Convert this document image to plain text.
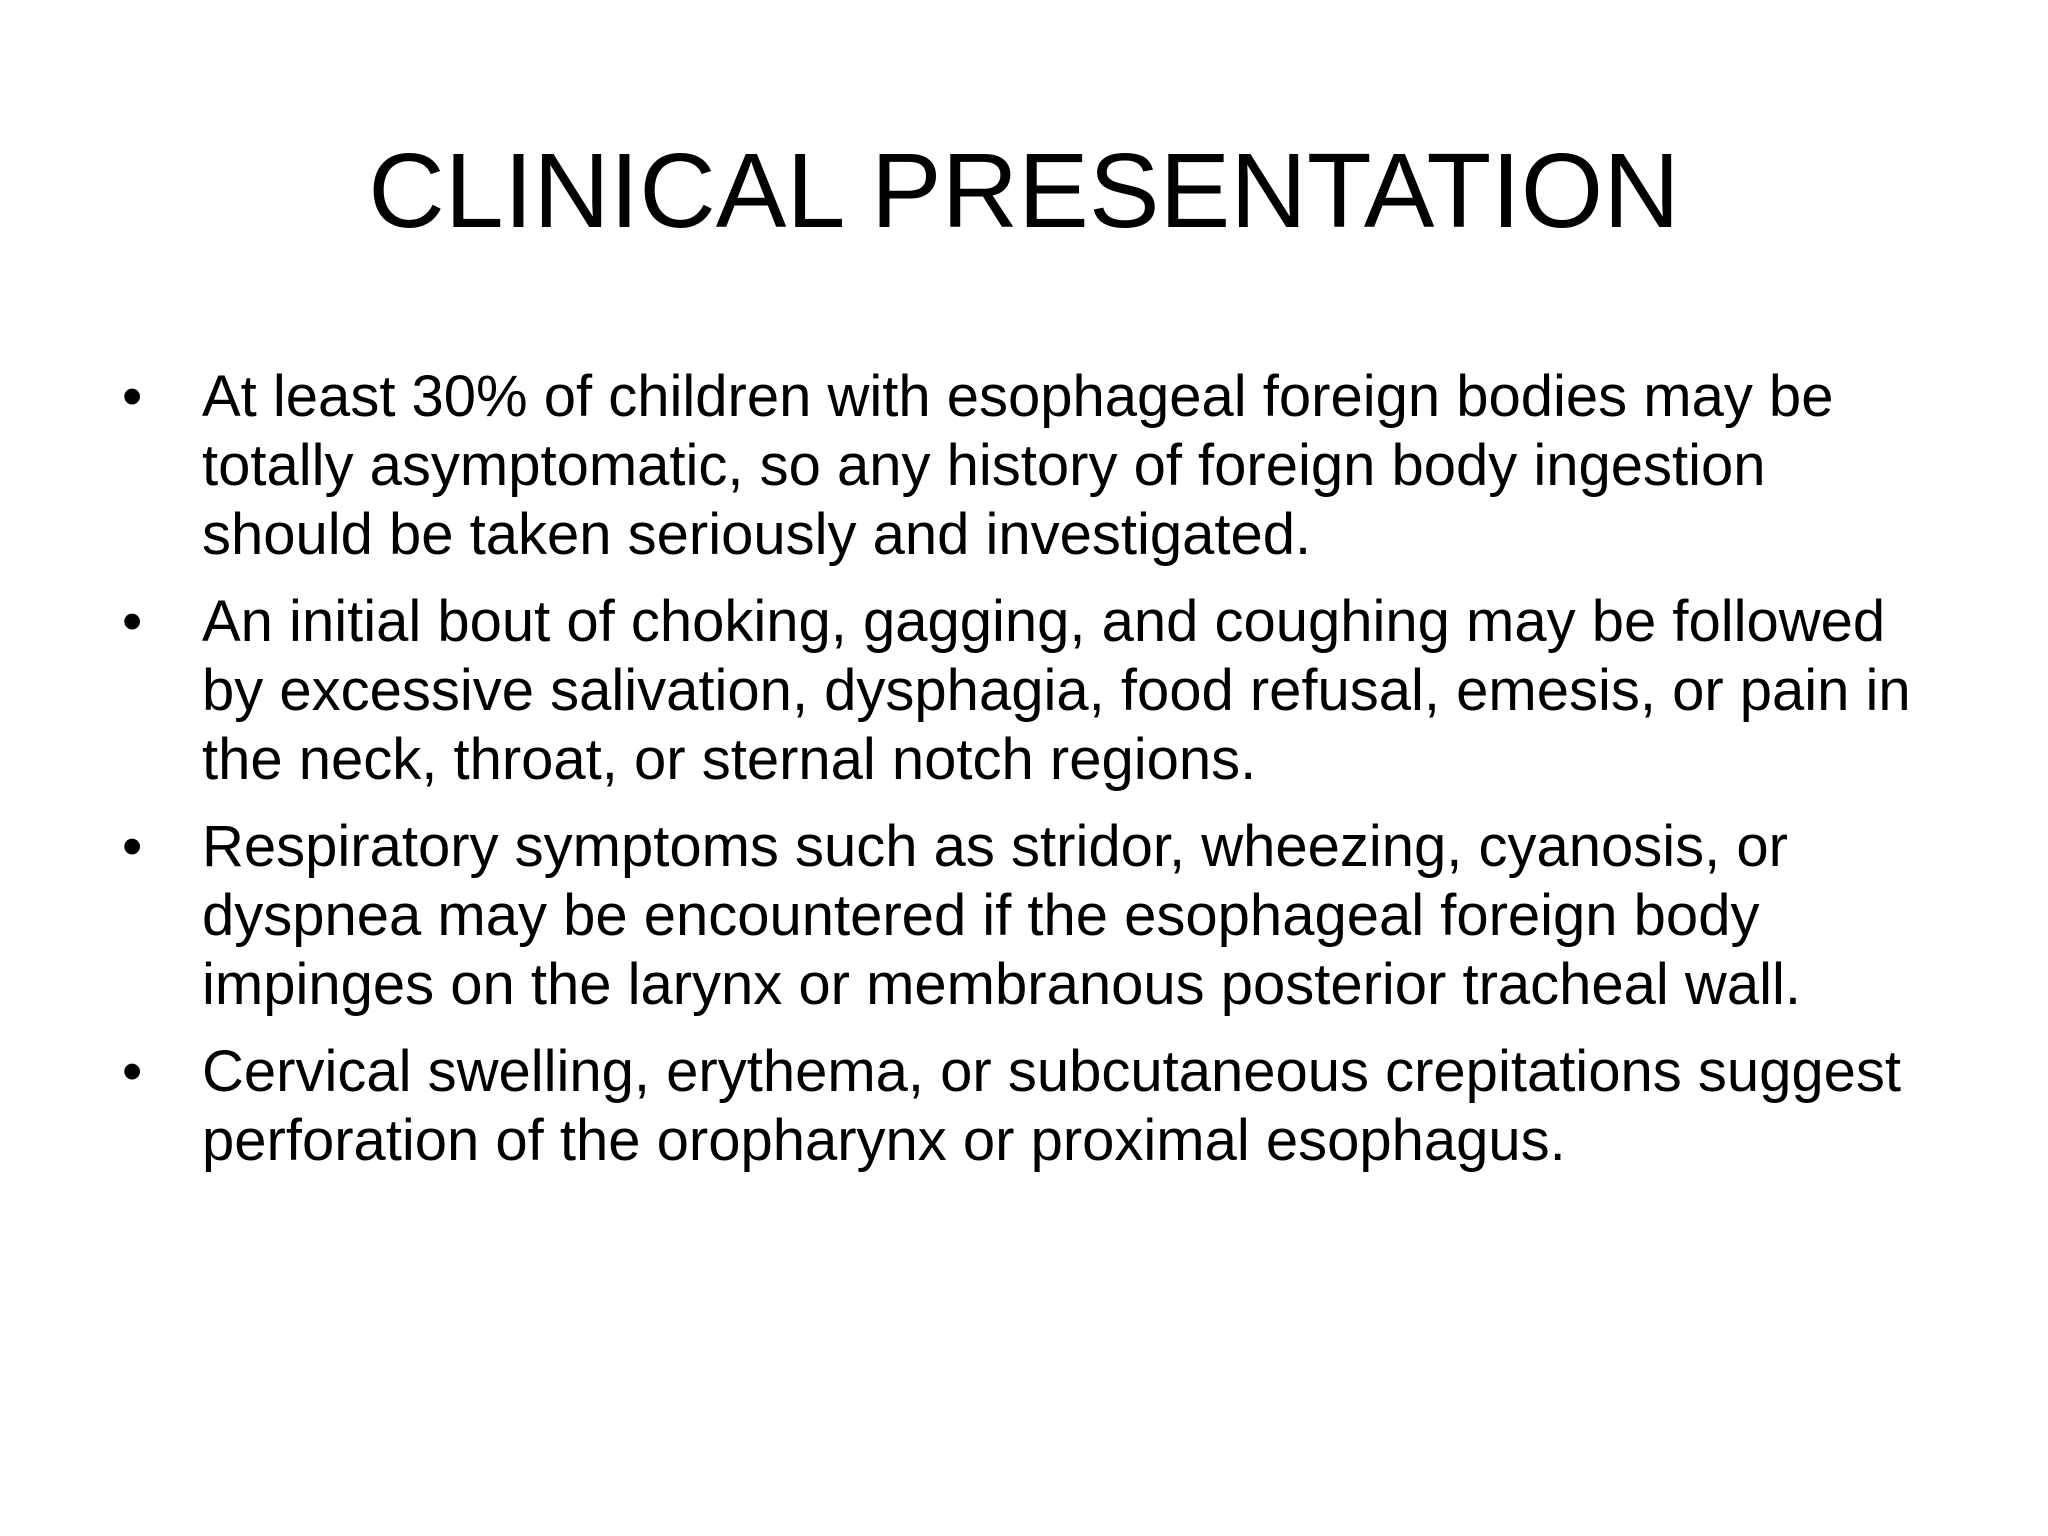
CLINICAL PRESENTATION
•	At least 30% of children with esophageal foreign bodies may be totally asymptomatic, so any history of foreign body ingestion should be taken seriously and investigated.
•	An initial bout of choking, gagging, and coughing may be followed by excessive salivation, dysphagia, food refusal, emesis, or pain in the neck, throat, or sternal notch regions.
•	Respiratory symptoms such as stridor, wheezing, cyanosis, or dyspnea may be encountered if the esophageal foreign body impinges on the larynx or membranous posterior tracheal wall.
•	Cervical swelling, erythema, or subcutaneous crepitations suggest perforation of the oropharynx or proximal esophagus.
